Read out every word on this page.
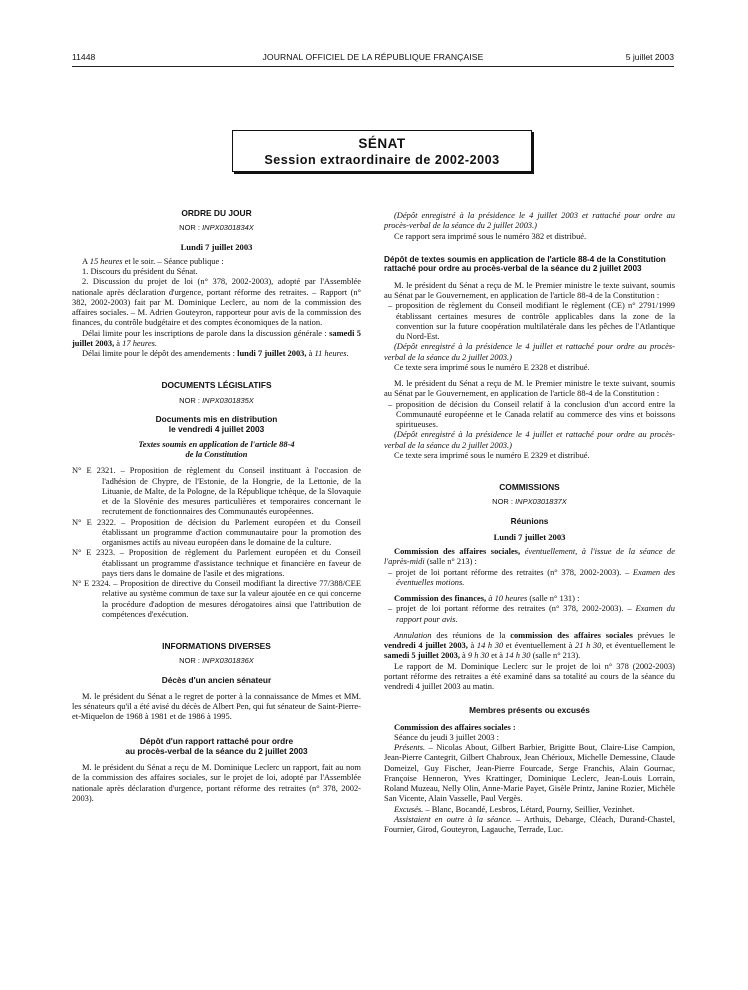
11448	JOURNAL OFFICIEL DE LA RÉPUBLIQUE FRANÇAISE	5 juillet 2003
SÉNAT
Session extraordinaire de 2002-2003

ORDRE DU JOUR

NOR : INPX0301834X

Lundi 7 juillet 2003

A 15 heures et le soir. – Séance publique :

1. Discours du président du Sénat.

2. Discussion du projet de loi (n° 378, 2002-2003), adopté par l'Assemblée nationale après déclaration d'urgence, portant réforme des retraites. – Rapport (n° 382, 2002-2003) fait par M. Dominique Leclerc, au nom de la commission des affaires sociales. – M. Adrien Gouteyron, rapporteur pour avis de la commission des finances, du contrôle budgétaire et des comptes économiques de la nation.

Délai limite pour les inscriptions de parole dans la discussion générale : samedi 5 juillet 2003, à 17 heures.

Délai limite pour le dépôt des amendements : lundi 7 juillet 2003, à 11 heures.

DOCUMENTS LÉGISLATIFS

NOR : INPX0301835X

Documents mis en distribution

le vendredi 4 juillet 2003

Textes soumis en application de l'article 88-4
de la Constitution

N° E 2321. – Proposition de règlement du Conseil instituant à l'occasion de l'adhésion de Chypre, de l'Estonie, de la Hongrie, de la Lettonie, de la Lituanie, de Malte, de la Pologne, de la République tchèque, de la Slovaquie et de la Slovénie des mesures particulières et temporaires concernant le recrutement de fonctionnaires des Communautés européennes.

N° E 2322. – Proposition de décision du Parlement européen et du Conseil établissant un programme d'action communautaire pour la promotion des organismes actifs au niveau européen dans le domaine de la culture.

N° E 2323. – Proposition de règlement du Parlement européen et du Conseil établissant un programme d'assistance technique et financière en faveur de pays tiers dans le domaine de l'asile et des migrations.

N° E 2324. – Proposition de directive du Conseil modifiant la directive 77/388/CEE relative au système commun de taxe sur la valeur ajoutée en ce qui concerne la procédure d'adoption de mesures dérogatoires ainsi que l'attribution de compétences d'exécution.

INFORMATIONS DIVERSES

NOR : INPX0301836X

Décès d'un ancien sénateur

M. le président du Sénat a le regret de porter à la connaissance de Mmes et MM. les sénateurs qu'il a été avisé du décès de Albert Pen, qui fut sénateur de Saint-Pierre-et-Miquelon de 1968 à 1981 et de 1986 à 1995.

Dépôt d'un rapport rattaché pour ordre

au procès-verbal de la séance du 2 juillet 2003

M. le président du Sénat a reçu de M. Dominique Leclerc un rapport, fait au nom de la commission des affaires sociales, sur le projet de loi, adopté par l'Assemblée nationale après déclaration d'urgence, portant réforme des retraites (n° 378, 2002-2003).

(Dépôt enregistré à la présidence le 4 juillet 2003 et rattaché pour ordre au procès-verbal de la séance du 2 juillet 2003.)

Ce rapport sera imprimé sous le numéro 382 et distribué.

Dépôt de textes soumis en application de l'article 88-4 de la Constitution rattaché pour ordre au procès-verbal de la séance du 2 juillet 2003

M. le président du Sénat a reçu de M. le Premier ministre le texte suivant, soumis au Sénat par le Gouvernement, en application de l'article 88-4 de la Constitution :

– proposition de règlement du Conseil modifiant le règlement (CE) n° 2791/1999 établissant certaines mesures de contrôle applicables dans la zone de la convention sur la future coopération multilatérale dans les pêches de l'Atlantique du Nord-Est.

(Dépôt enregistré à la présidence le 4 juillet et rattaché pour ordre au procès-verbal de la séance du 2 juillet 2003.)

Ce texte sera imprimé sous le numéro E 2328 et distribué.

M. le président du Sénat a reçu de M. le Premier ministre le texte suivant, soumis au Sénat par le Gouvernement, en application de l'article 88-4 de la Constitution :

– proposition de décision du Conseil relatif à la conclusion d'un accord entre la Communauté européenne et le Canada relatif au commerce des vins et boissons spiritueuses.

(Dépôt enregistré à la présidence le 4 juillet et rattaché pour ordre au procès-verbal de la séance du 2 juillet 2003.)

Ce texte sera imprimé sous le numéro E 2329 et distribué.

COMMISSIONS

NOR : INPX0301837X

Réunions

Lundi 7 juillet 2003

Commission des affaires sociales, éventuellement, à l'issue de la séance de l'après-midi (salle n° 213) :

– projet de loi portant réforme des retraites (n° 378, 2002-2003). – Examen des éventuelles motions.

Commission des finances, à 10 heures (salle n° 131) :

– projet de loi portant réforme des retraites (n° 378, 2002-2003). – Examen du rapport pour avis.

Annulation des réunions de la commission des affaires sociales prévues le vendredi 4 juillet 2003, à 14 h 30 et éventuellement à 21 h 30, et éventuellement le samedi 5 juillet 2003, à 9 h 30 et à 14 h 30 (salle n° 213).

Le rapport de M. Dominique Leclerc sur le projet de loi n° 378 (2002-2003) portant réforme des retraites a été examiné dans sa totalité au cours de la séance du vendredi 4 juillet 2003 au matin.

Membres présents ou excusés

Commission des affaires sociales :

Séance du jeudi 3 juillet 2003 :

Présents. – Nicolas About, Gilbert Barbier, Brigitte Bout, Claire-Lise Campion, Jean-Pierre Cantegrit, Gilbert Chabroux, Jean Chérioux, Michelle Demessine, Claude Domeizel, Guy Fischer, Jean-Pierre Fourcade, Serge Franchis, Alain Gournac, Françoise Henneron, Yves Krattinger, Dominique Leclerc, Jean-Louis Lorrain, Roland Muzeau, Nelly Olin, Anne-Marie Payet, Gisèle Printz, Janine Rozier, Michèle San Vicente, Alain Vasselle, Paul Vergès.

Excusés. – Blanc, Bocandé, Lesbros, Létard, Pourny, Seillier, Vezinhet.

Assistaient en outre à la séance. – Arthuis, Debarge, Cléach, Durand-Chastel, Fournier, Girod, Gouteyron, Lagauche, Terrade, Luc.
